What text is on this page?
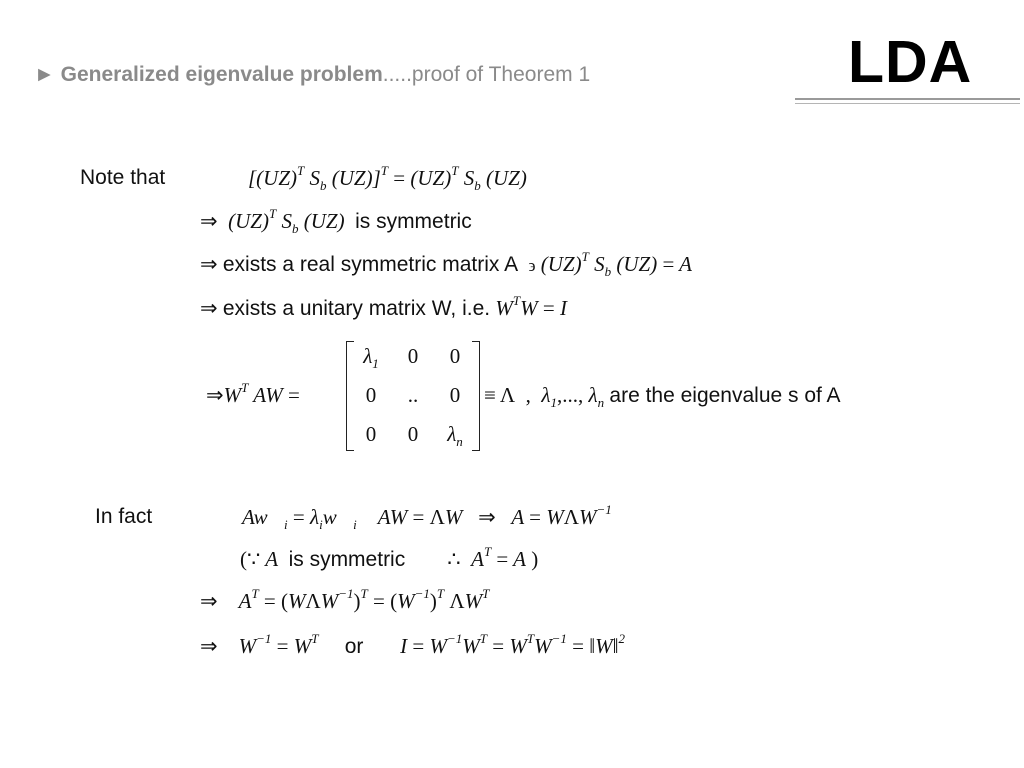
► Generalized eigenvalue problem.....proof of Theorem 1	LDA
Note that	[(UZ)$^T$ $S_b$ (UZ)]$^T$ = (UZ)$^T$ $S_b$ (UZ)
⇒  (UZ)$^T$ $S_b$ (UZ)  is symmetric
⇒ exists a real symmetric matrix A ϶ (UZ)$^T$ $S_b$ (UZ) = A
⇒ exists a unitary matrix W, i.e. $W^TW = I$
$\Rightarrow W^T$ AW =
$\lambda_1$	0	0
0	..	0
0	0	$\lambda_n$
≡ Λ ,  $\lambda_1$,..., $\lambda_n$ are the eigenvalue s of A
In fact	$Aw⃗_i$ = $\lambda_iw⃗_i$ AW = ΛW ⇒ $A = W\Lambda W^{-1}$
(∵ A is symmetric ∴ $A^T = A$ )
⇒ $A^T = (W\Lambda W^{-1})^T = (W^{-1})^T$ $\Lambda W^T$
⇒ $W^{-1} = W^T$ or $I = W^{-1}W^T = W^TW^{-1}$ = ‖W‖$^2$
